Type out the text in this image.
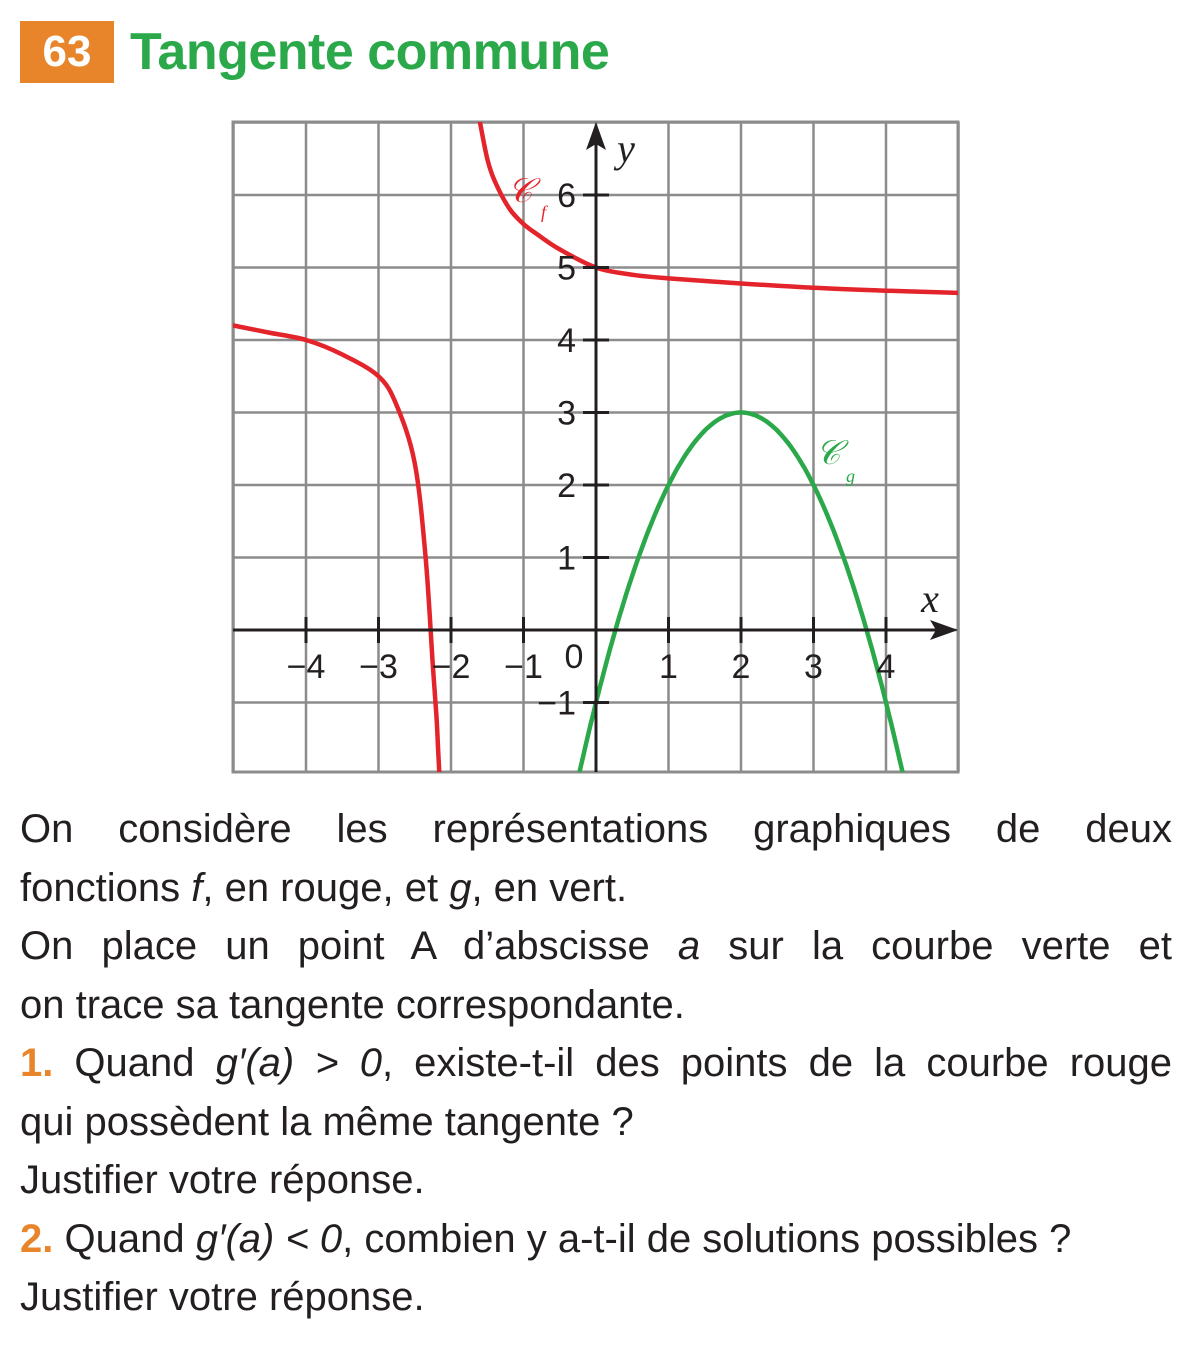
63 Tangente commune
−4 −3 −2 −1 0 1 2 3 4
6
5
4
3
2
1
−1
x
y
𝒞
f
𝒞
g

On considère les représentations graphiques de deux

fonctions f, en rouge, et g, en vert.

On place un point A d’abscisse a sur la courbe verte et

on trace sa tangente correspondante.

1. Quand g′(a) > 0, existe-t-il des points de la courbe rouge

qui possèdent la même tangente ?

Justifier votre réponse.

2. Quand g′(a) < 0, combien y a-t-il de solutions possibles ?

Justifier votre réponse.
